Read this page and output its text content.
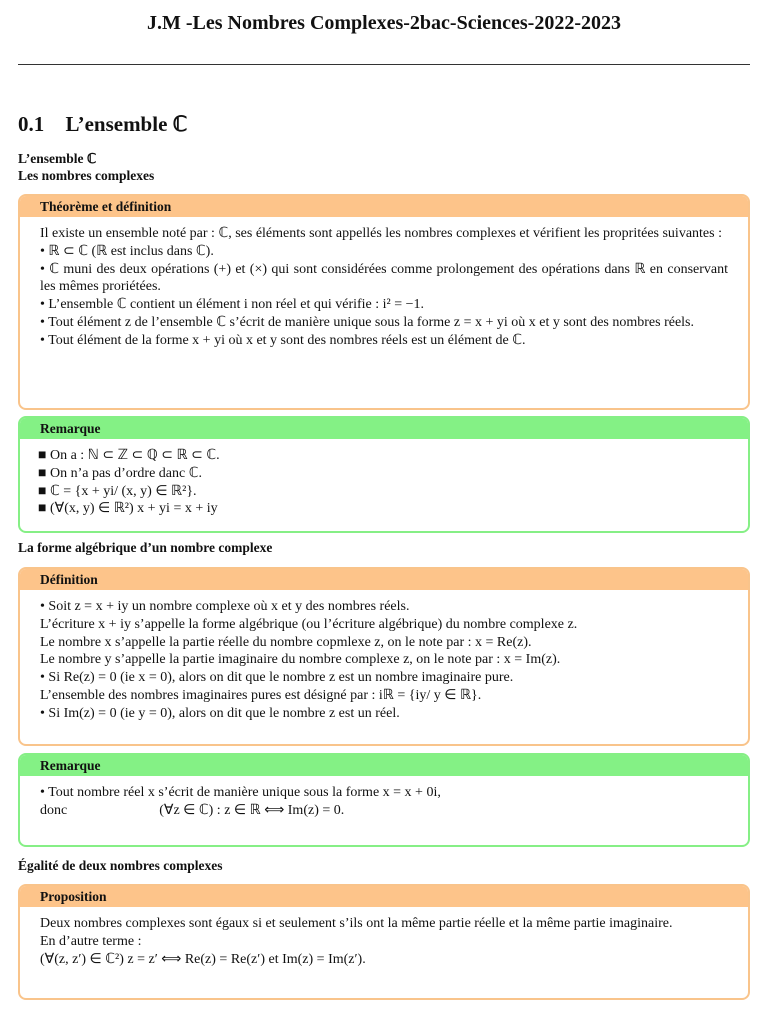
J.M -Les Nombres Complexes-2bac-Sciences-2022-2023
0.1 L’ensemble ℂ
L’ensemble ℂ
Les nombres complexes
Théorème et définition
Il existe un ensemble noté par : ℂ, ses éléments sont appellés les nombres complexes et vérifient les propritées suivantes :
• ℝ ⊂ ℂ (ℝ est inclus dans ℂ).
• ℂ muni des deux opérations (+) et (×) qui sont considérées comme prolongement des opérations dans ℝ en conservant les mêmes proriétées.
• L’ensemble ℂ contient un élément i non réel et qui vérifie : i² = −1.
• Tout élément z de l’ensemble ℂ s’écrit de manière unique sous la forme z = x + yi où x et y sont des nombres réels.
• Tout élément de la forme x + yi où x et y sont des nombres réels est un élément de ℂ.
Remarque
■ On a : ℕ ⊂ ℤ ⊂ ℚ ⊂ ℝ ⊂ ℂ.
■ On n’a pas d’ordre danc ℂ.
■ ℂ = {x + yi/ (x, y) ∈ ℝ²}.
■ (∀(x, y) ∈ ℝ²) x + yi = x + iy
La forme algébrique d’un nombre complexe
Définition
• Soit z = x + iy un nombre complexe où x et y des nombres réels.
L’écriture x + iy s’appelle la forme algébrique (ou l’écriture algébrique) du nombre complexe z.
Le nombre x s’appelle la partie réelle du nombre copmlexe z, on le note par : x = Re(z).
Le nombre y s’appelle la partie imaginaire du nombre complexe z, on le note par : x = Im(z).
• Si Re(z) = 0 (ie x = 0), alors on dit que le nombre z est un nombre imaginaire pure.
L’ensemble des nombres imaginaires pures est désigné par : iℝ = {iy/ y ∈ ℝ}.
• Si Im(z) = 0 (ie y = 0), alors on dit que le nombre z est un réel.
Remarque
• Tout nombre réel x s’écrit de manière unique sous la forme x = x + 0i,
donc	(∀z ∈ ℂ) : z ∈ ℝ ⟺ Im(z) = 0.
Égalité de deux nombres complexes
Proposition
Deux nombres complexes sont égaux si et seulement s’ils ont la même partie réelle et la même partie imaginaire.
En d’autre terme :
(∀(z, z′) ∈ ℂ²) z = z′ ⟺ Re(z) = Re(z′) et Im(z) = Im(z′).
